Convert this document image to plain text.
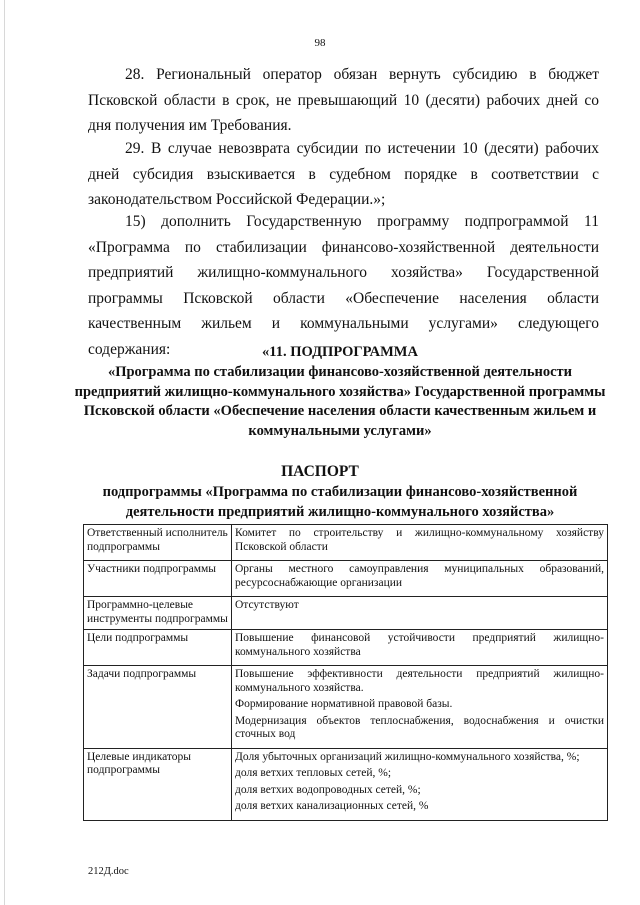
98

28. Региональный оператор обязан вернуть субсидию в бюджет Псковской области в срок, не превышающий 10 (десяти) рабочих дней со дня получения им Требования.

29. В случае невозврата субсидии по истечении 10 (десяти) рабочих дней субсидия взыскивается в судебном порядке в соответствии с законодательством Российской Федерации.»;

15) дополнить Государственную программу подпрограммой 11 «Программа по стабилизации финансово-хозяйственной деятельности предприятий жилищно-коммунального хозяйства» Государственной программы Псковской области «Обеспечение населения области качественным жильем и коммунальными услугами» следующего содержания:	«11. ПОДПРОГРАММА
«Программа по стабилизации финансово-хозяйственной деятельности предприятий жилищно-коммунального хозяйства» Государственной программы Псковской области «Обеспечение населения области качественным жильем и коммунальными услугами»
ПАСПОРТ
подпрограммы «Программа по стабилизации финансово-хозяйственной деятельности предприятий жилищно-коммунального хозяйства»
Ответственный исполнитель подпрограммы	Комитет по строительству и жилищно-коммунальному хозяйству Псковской области

Участники подпрограммы	Органы местного самоуправления муниципальных образований, ресурсоснабжающие организации

Программно-целевые инструменты подпрограммы	Отсутствуют

Цели подпрограммы	Повышение финансовой устойчивости предприятий жилищно-коммунального хозяйства

Задачи подпрограммы	Повышение эффективности деятельности предприятий жилищно-коммунального хозяйства.
Формирование нормативной правовой базы.
Модернизация объектов теплоснабжения, водоснабжения и очистки сточных вод

Целевые индикаторы подпрограммы	Доля убыточных организаций жилищно-коммунального хозяйства, %;
доля ветхих тепловых сетей, %;
доля ветхих водопроводных сетей, %;
доля ветхих канализационных сетей, %
212Д.doc
